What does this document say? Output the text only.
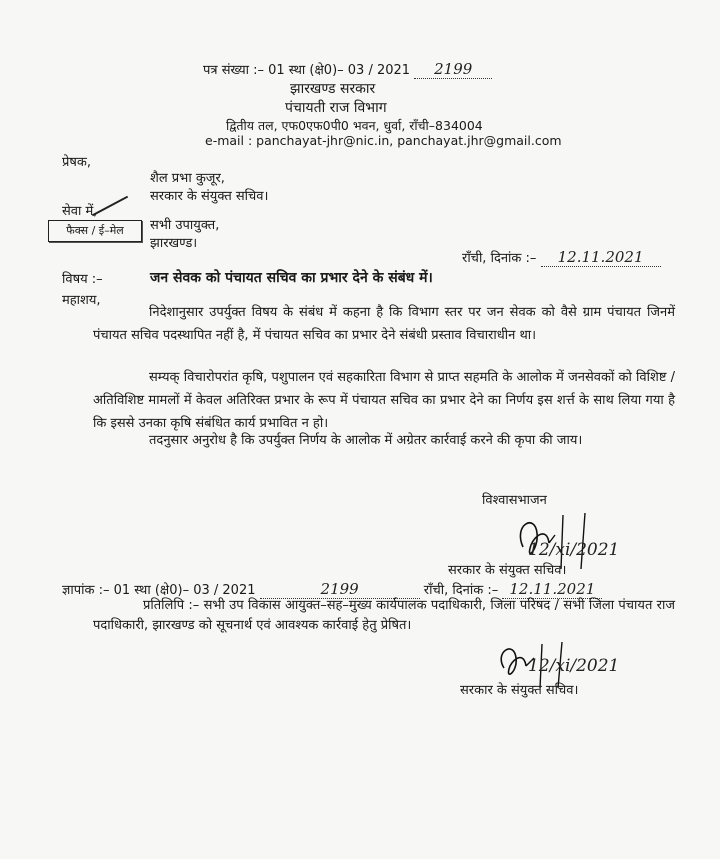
पत्र संख्या :– 01 स्था (क्षे0)– 03 / 2021 2199
झारखण्ड सरकार
पंचायती राज विभाग
द्वितीय तल, एफ0एफ0पी0 भवन, धुर्वा, राँची–834004
e-mail : panchayat-jhr@nic.in, panchayat.jhr@gmail.com
प्रेषक,
शैल प्रभा कुजूर,
सरकार के संयुक्त सचिव।
सेवा में,
फैक्स / ई–मेल	सभी उपायुक्त,
झारखण्ड।
राँची, दिनांक :– 12.11.2021
विषय :–	जन सेवक को पंचायत सचिव का प्रभार देने के संबंध में।
महाशय,
निदेशानुसार उपर्युक्त विषय के संबंध में कहना है कि विभाग स्तर पर जन सेवक को वैसे ग्राम पंचायत जिनमें पंचायत सचिव पदस्थापित नहीं है, में पंचायत सचिव का प्रभार देने संबंधी प्रस्ताव विचाराधीन था।
सम्यक् विचारोपरांत कृषि, पशुपालन एवं सहकारिता विभाग से प्राप्त सहमति के आलोक में जनसेवकों को विशिष्ट / अतिविशिष्ट मामलों में केवल अतिरिक्त प्रभार के रूप में पंचायत सचिव का प्रभार देने का निर्णय इस शर्त्त के साथ लिया गया है कि इससे उनका कृषि संबंधित कार्य प्रभावित न हो।
तदनुसार अनुरोध है कि उपर्युक्त निर्णय के आलोक में अग्रेतर कार्रवाई करने की कृपा की जाय।
विश्वासभाजन
12/xi/2021
सरकार के संयुक्त सचिव।
ज्ञापांक :– 01 स्था (क्षे0)– 03 / 2021	2199	राँची, दिनांक :– 12.11.2021
प्रतिलिपि :– सभी उप विकास आयुक्त–सह–मुख्य कार्यपालक पदाधिकारी, जिला परिषद / सभी जिला पंचायत राज पदाधिकारी, झारखण्ड को सूचनार्थ एवं आवश्यक कार्रवाई हेतु प्रेषित।
12/xi/2021
सरकार के संयुक्त सचिव।
